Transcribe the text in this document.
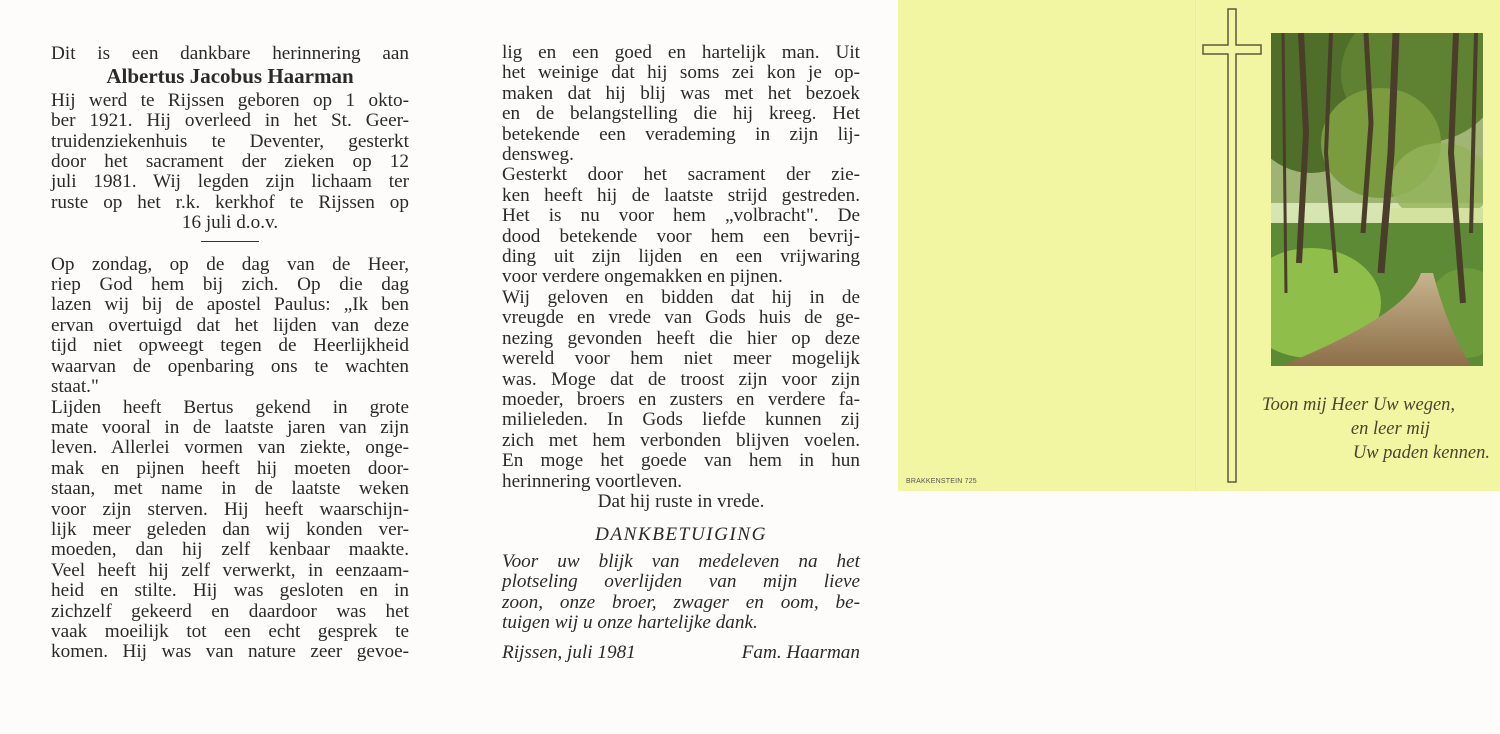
Dit is een dankbare herinnering aan

Albertus Jacobus Haarman

Hij werd te Rijssen geboren op 1 okto-

ber 1921. Hij overleed in het St. Geer-

truidenziekenhuis te Deventer, gesterkt

door het sacrament der zieken op 12

juli 1981. Wij legden zijn lichaam ter

ruste op het r.k. kerkhof te Rijssen op

16 juli d.o.v.

Op zondag, op de dag van de Heer,

riep God hem bij zich. Op die dag

lazen wij bij de apostel Paulus: „Ik ben

ervan overtuigd dat het lijden van deze

tijd niet opweegt tegen de Heerlijkheid

waarvan de openbaring ons te wachten

staat."

Lijden heeft Bertus gekend in grote

mate vooral in de laatste jaren van zijn

leven. Allerlei vormen van ziekte, onge-

mak en pijnen heeft hij moeten door-

staan, met name in de laatste weken

voor zijn sterven. Hij heeft waarschijn-

lijk meer geleden dan wij konden ver-

moeden, dan hij zelf kenbaar maakte.

Veel heeft hij zelf verwerkt, in eenzaam-

heid en stilte. Hij was gesloten en in

zichzelf gekeerd en daardoor was het

vaak moeilijk tot een echt gesprek te

komen. Hij was van nature zeer gevoe-

lig en een goed en hartelijk man. Uit

het weinige dat hij soms zei kon je op-

maken dat hij blij was met het bezoek

en de belangstelling die hij kreeg. Het

betekende een verademing in zijn lij-

densweg.

Gesterkt door het sacrament der zie-

ken heeft hij de laatste strijd gestreden.

Het is nu voor hem „volbracht". De

dood betekende voor hem een bevrij-

ding uit zijn lijden en een vrijwaring

voor verdere ongemakken en pijnen.

Wij geloven en bidden dat hij in de

vreugde en vrede van Gods huis de ge-

nezing gevonden heeft die hier op deze

wereld voor hem niet meer mogelijk

was. Moge dat de troost zijn voor zijn

moeder, broers en zusters en verdere fa-

milieleden. In Gods liefde kunnen zij

zich met hem verbonden blijven voelen.

En moge het goede van hem in hun

herinnering voortleven.

Dat hij ruste in vrede.

DANKBETUIGING

Voor uw blijk van medeleven na het

plotseling overlijden van mijn lieve

zoon, onze broer, zwager en oom, be-

tuigen wij u onze hartelijke dank.

Rijssen, juli 1981	Fam. Haarman
Toon mij Heer Uw wegen,
en leer mij
Uw paden kennen.
BRAKKENSTEIN 725
